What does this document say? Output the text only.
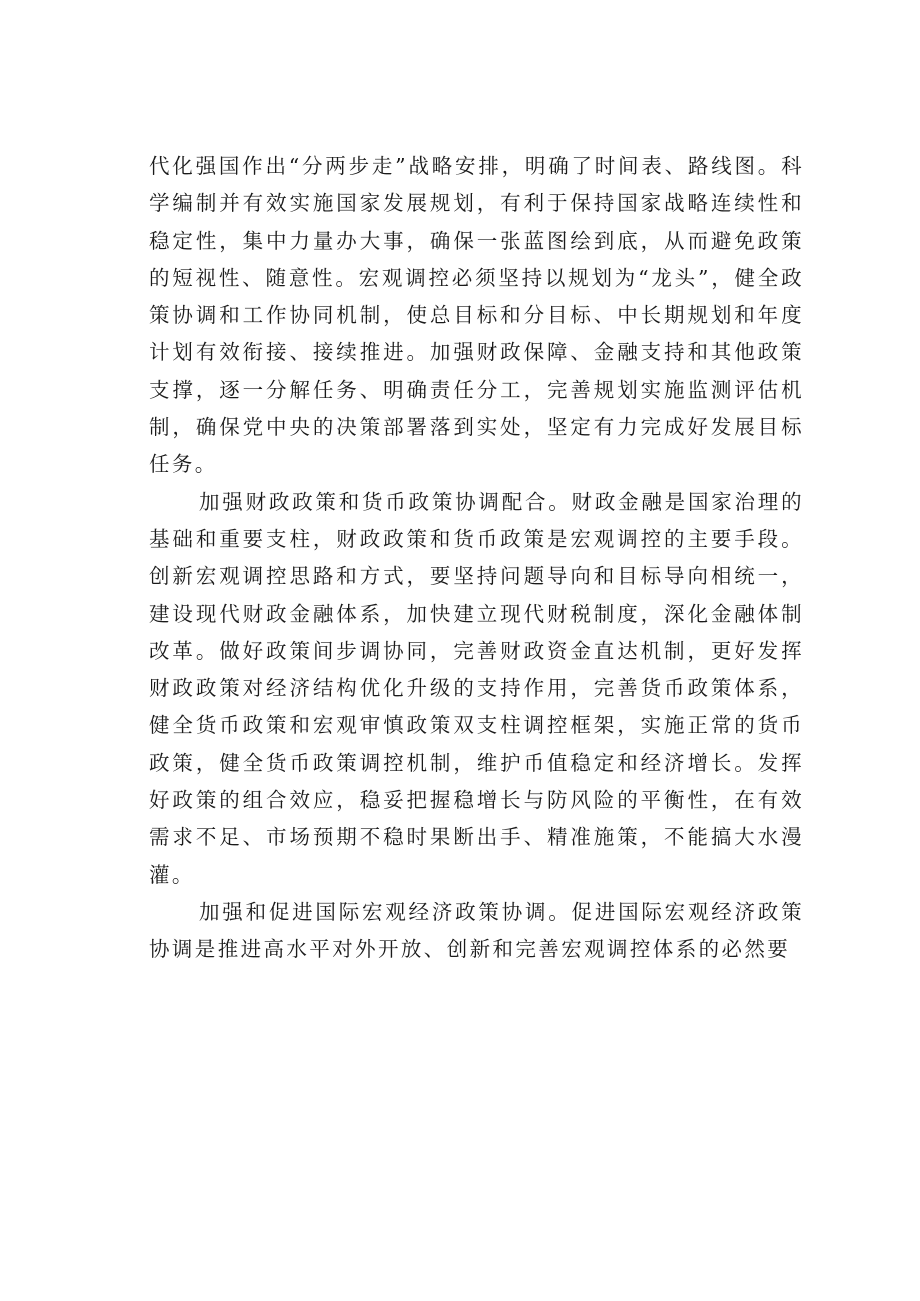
代化强国作出“分两步走”战略安排，明确了时间表、路线图。科学编制并有效实施国家发展规划，有利于保持国家战略连续性和稳定性，集中力量办大事，确保一张蓝图绘到底，从而避免政策的短视性、随意性。宏观调控必须坚持以规划为“龙头”，健全政策协调和工作协同机制，使总目标和分目标、中长期规划和年度计划有效衔接、接续推进。加强财政保障、金融支持和其他政策支撑，逐一分解任务、明确责任分工，完善规划实施监测评估机制，确保党中央的决策部署落到实处，坚定有力完成好发展目标任务。

加强财政政策和货币政策协调配合。财政金融是国家治理的基础和重要支柱，财政政策和货币政策是宏观调控的主要手段。创新宏观调控思路和方式，要坚持问题导向和目标导向相统一，建设现代财政金融体系，加快建立现代财税制度，深化金融体制改革。做好政策间步调协同，完善财政资金直达机制，更好发挥财政政策对经济结构优化升级的支持作用，完善货币政策体系，健全货币政策和宏观审慎政策双支柱调控框架，实施正常的货币政策，健全货币政策调控机制，维护币值稳定和经济增长。发挥好政策的组合效应，稳妥把握稳增长与防风险的平衡性，在有效需求不足、市场预期不稳时果断出手、精准施策，不能搞大水漫灌。

加强和促进国际宏观经济政策协调。促进国际宏观经济政策协调是推进高水平对外开放、创新和完善宏观调控体系的必然要
